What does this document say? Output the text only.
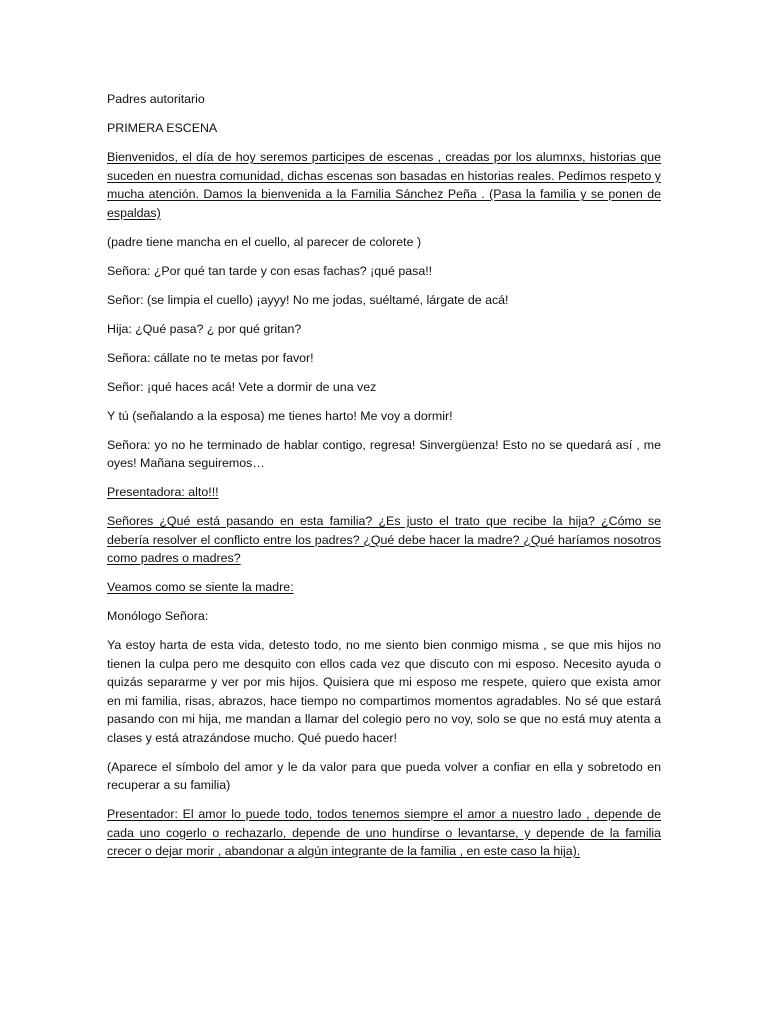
Padres autoritario

PRIMERA ESCENA

Bienvenidos, el día de hoy seremos participes de escenas , creadas por los alumnxs, historias que suceden en nuestra comunidad, dichas escenas son basadas en historias reales. Pedimos respeto y mucha atención. Damos la bienvenida a la Familia Sánchez Peña . (Pasa la familia y se ponen de espaldas)

(padre tiene mancha en el cuello, al parecer de colorete )

Señora: ¿Por qué tan tarde y con esas fachas? ¡qué pasa!!

Señor: (se limpia el cuello) ¡ayyy! No me jodas, suéltamé, lárgate de acá!

Hija: ¿Qué pasa? ¿ por qué gritan?

Señora: cállate no te metas por favor!

Señor: ¡qué haces acá! Vete a dormir de una vez

Y tú (señalando a la esposa) me tienes harto! Me voy a dormir!

Señora: yo no he terminado de hablar contigo, regresa! Sinvergüenza! Esto no se quedará así , me oyes! Mañana seguiremos…

Presentadora: alto!!!

Señores ¿Qué está pasando en esta familia? ¿Es justo el trato que recibe la hija? ¿Cómo se debería resolver el conflicto entre los padres? ¿Qué debe hacer la madre? ¿Qué haríamos nosotros como padres o madres?

Veamos como se siente la madre:

Monólogo Señora:

Ya estoy harta de esta vida, detesto todo, no me siento bien conmigo misma , se que mis hijos no tienen la culpa pero me desquito con ellos cada vez que discuto con mi esposo. Necesito ayuda o quizás separarme y ver por mis hijos. Quisiera que mi esposo me respete, quiero que exista amor en mi familia, risas, abrazos, hace tiempo no compartimos momentos agradables. No sé que estará pasando con mi hija, me mandan a llamar del colegio pero no voy, solo se que no está muy atenta a clases y está atrazándose mucho. Qué puedo hacer!

(Aparece el símbolo del amor y le da valor para que pueda volver a confiar en ella y sobretodo en recuperar a su familia)

Presentador: El amor lo puede todo, todos tenemos siempre el amor a nuestro lado , depende de cada uno cogerlo o rechazarlo, depende de uno hundirse o levantarse, y depende de la familia crecer o dejar morir , abandonar a algún integrante de la familia , en este caso la hija).
